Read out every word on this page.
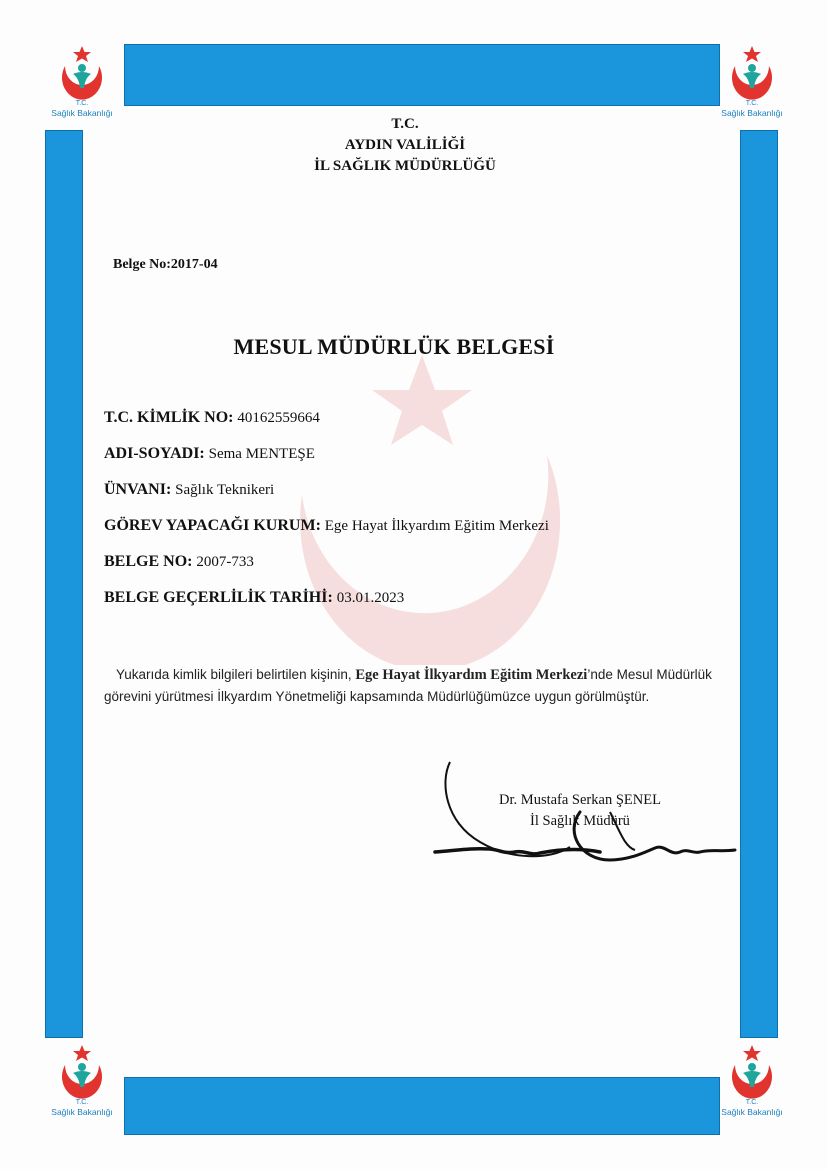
T.C.
Sağlık Bakanlığı
T.C.
Sağlık Bakanlığı
T.C.
Sağlık Bakanlığı
T.C.
Sağlık Bakanlığı
T.C.
AYDIN VALİLİĞİ
İL SAĞLIK MÜDÜRLÜĞÜ
Belge No:2017-04
MESUL MÜDÜRLÜK BELGESİ
T.C. KİMLİK NO: 40162559664
ADI-SOYADI: Sema MENTEŞE
ÜNVANI: Sağlık Teknikeri
GÖREV YAPACAĞI KURUM: Ege Hayat İlkyardım Eğitim Merkezi
BELGE NO: 2007-733
BELGE GEÇERLİLİK TARİHİ: 03.01.2023
Yukarıda kimlik bilgileri belirtilen kişinin, Ege Hayat İlkyardım Eğitim Merkezi’nde Mesul Müdürlük görevini yürütmesi İlkyardım Yönetmeliği kapsamında Müdürlüğümüzce uygun görülmüştür.
Dr. Mustafa Serkan ŞENEL
İl Sağlık Müdürü
